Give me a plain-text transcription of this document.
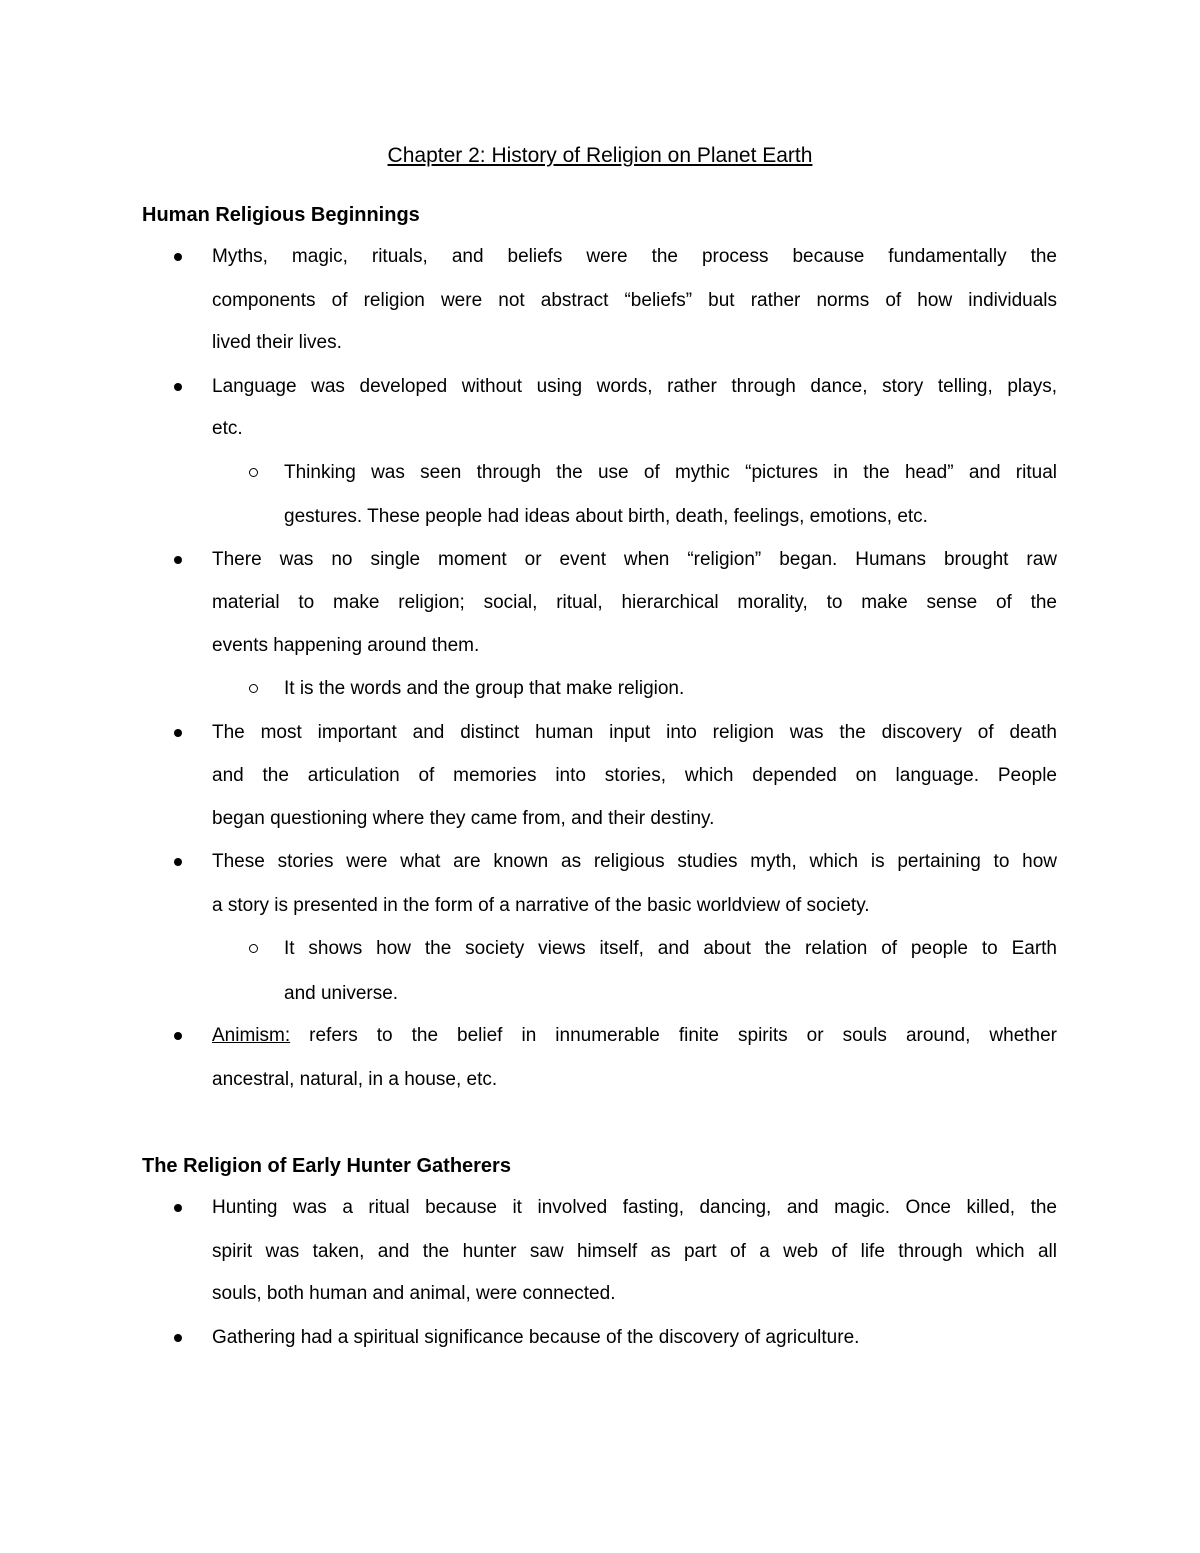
Chapter 2: History of Religion on Planet Earth
Human Religious Beginnings
Myths, magic, rituals, and beliefs were the process because fundamentally the
components of religion were not abstract “beliefs” but rather norms of how individuals
lived their lives.
Language was developed without using words, rather through dance, story telling, plays,
etc.
Thinking was seen through the use of mythic “pictures in the head” and ritual
gestures. These people had ideas about birth, death, feelings, emotions, etc.
There was no single moment or event when “religion” began. Humans brought raw
material to make religion; social, ritual, hierarchical morality, to make sense of the
events happening around them.
It is the words and the group that make religion.
The most important and distinct human input into religion was the discovery of death
and the articulation of memories into stories, which depended on language. People
began questioning where they came from, and their destiny.
These stories were what are known as religious studies myth, which is pertaining to how
a story is presented in the form of a narrative of the basic worldview of society.
It shows how the society views itself, and about the relation of people to Earth
and universe.
Animism: refers to the belief in innumerable finite spirits or souls around, whether
ancestral, natural, in a house, etc.
The Religion of Early Hunter Gatherers
Hunting was a ritual because it involved fasting, dancing, and magic. Once killed, the
spirit was taken, and the hunter saw himself as part of a web of life through which all
souls, both human and animal, were connected.
Gathering had a spiritual significance because of the discovery of agriculture.
